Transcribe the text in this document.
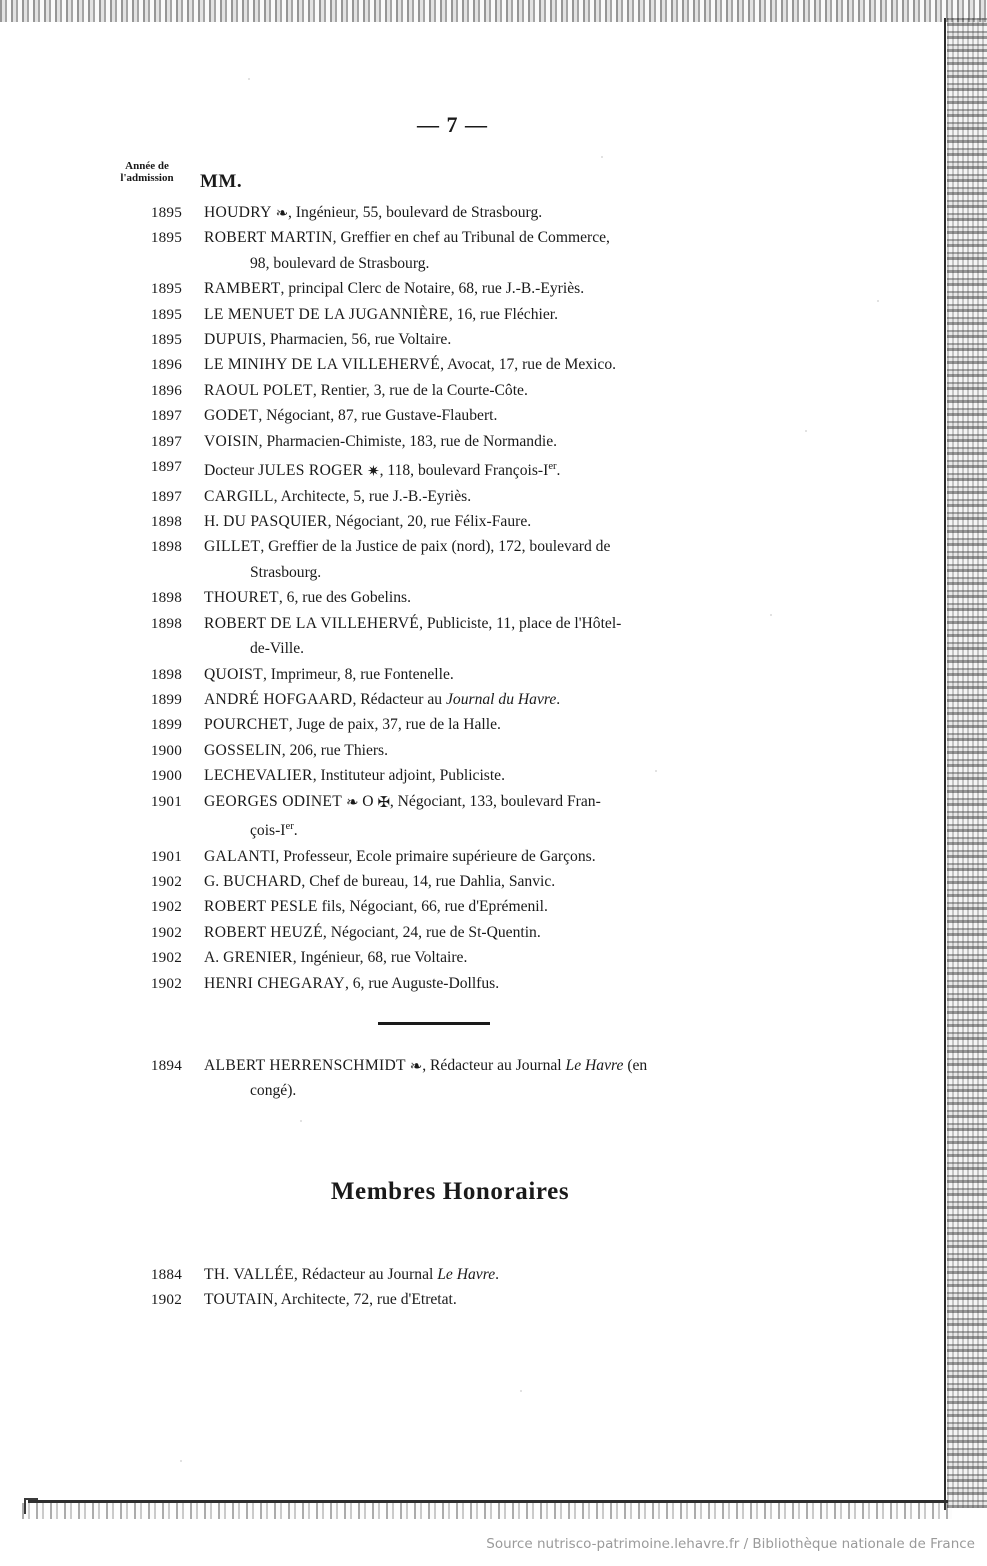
— 7 —
Année de
l'admission	MM.
1895	HOUDRY ❧, Ingénieur, 55, boulevard de Strasbourg.
1895	ROBERT MARTIN, Greffier en chef au Tribunal de Commerce,
98, boulevard de Strasbourg.
1895	RAMBERT, principal Clerc de Notaire, 68, rue J.-B.-Eyriès.
1895	LE MENUET DE LA JUGANNIÈRE, 16, rue Fléchier.
1895	DUPUIS, Pharmacien, 56, rue Voltaire.
1896	LE MINIHY DE LA VILLEHERVÉ, Avocat, 17, rue de Mexico.
1896	RAOUL POLET, Rentier, 3, rue de la Courte-Côte.
1897	GODET, Négociant, 87, rue Gustave-Flaubert.
1897	VOISIN, Pharmacien-Chimiste, 183, rue de Normandie.
1897	Docteur JULES ROGER ✷, 118, boulevard François-Ier.
1897	CARGILL, Architecte, 5, rue J.-B.-Eyriès.
1898	H. DU PASQUIER, Négociant, 20, rue Félix-Faure.
1898	GILLET, Greffier de la Justice de paix (nord), 172, boulevard de
Strasbourg.
1898	THOURET, 6, rue des Gobelins.
1898	ROBERT DE LA VILLEHERVÉ, Publiciste, 11, place de l'Hôtel-
de-Ville.
1898	QUOIST, Imprimeur, 8, rue Fontenelle.
1899	ANDRÉ HOFGAARD, Rédacteur au Journal du Havre.
1899	POURCHET, Juge de paix, 37, rue de la Halle.
1900	GOSSELIN, 206, rue Thiers.
1900	LECHEVALIER, Instituteur adjoint, Publiciste.
1901	GEORGES ODINET ❧ O ✠, Négociant, 133, boulevard Fran-
çois-Ier.
1901	GALANTI, Professeur, Ecole primaire supérieure de Garçons.
1902	G. BUCHARD, Chef de bureau, 14, rue Dahlia, Sanvic.
1902	ROBERT PESLE fils, Négociant, 66, rue d'Eprémenil.
1902	ROBERT HEUZÉ, Négociant, 24, rue de St-Quentin.
1902	A. GRENIER, Ingénieur, 68, rue Voltaire.
1902	HENRI CHEGARAY, 6, rue Auguste-Dollfus.
1894	ALBERT HERRENSCHMIDT ❧, Rédacteur au Journal Le Havre (en
congé).
Membres Honoraires
1884	TH. VALLÉE, Rédacteur au Journal Le Havre.
1902	TOUTAIN, Architecte, 72, rue d'Etretat.
Source nutrisco-patrimoine.lehavre.fr / Bibliothèque nationale de France
